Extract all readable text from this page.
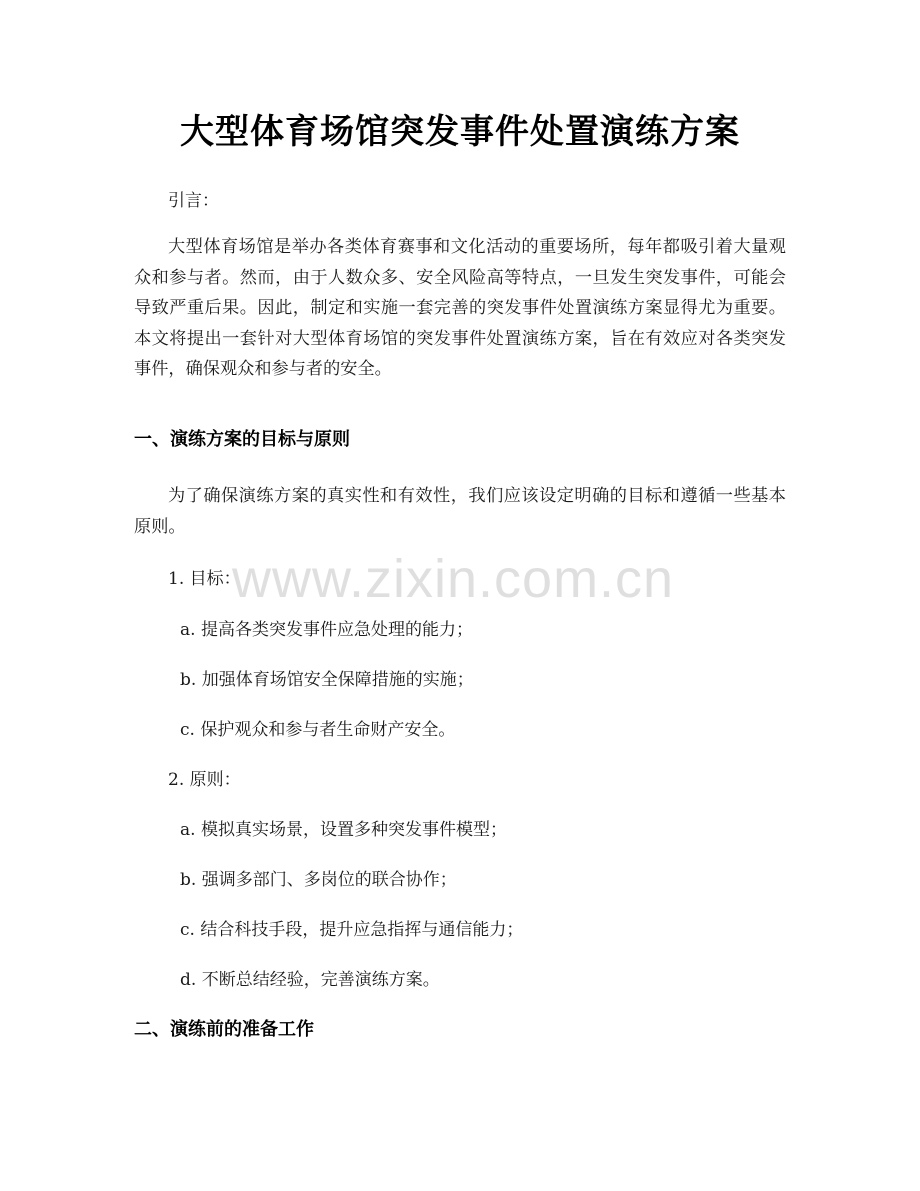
大型体育场馆突发事件处置演练方案
引言：
大型体育场馆是举办各类体育赛事和文化活动的重要场所，每年都吸引着大量观众和参与者。然而，由于人数众多、安全风险高等特点，一旦发生突发事件，可能会导致严重后果。因此，制定和实施一套完善的突发事件处置演练方案显得尤为重要。本文将提出一套针对大型体育场馆的突发事件处置演练方案，旨在有效应对各类突发事件，确保观众和参与者的安全。
一、演练方案的目标与原则
为了确保演练方案的真实性和有效性，我们应该设定明确的目标和遵循一些基本原则。
1. 目标：
a. 提高各类突发事件应急处理的能力；
b. 加强体育场馆安全保障措施的实施；
c. 保护观众和参与者生命财产安全。
2. 原则：
a. 模拟真实场景，设置多种突发事件模型；
b. 强调多部门、多岗位的联合协作；
c. 结合科技手段，提升应急指挥与通信能力；
d. 不断总结经验，完善演练方案。
二、演练前的准备工作
www.zixin.com.cn
